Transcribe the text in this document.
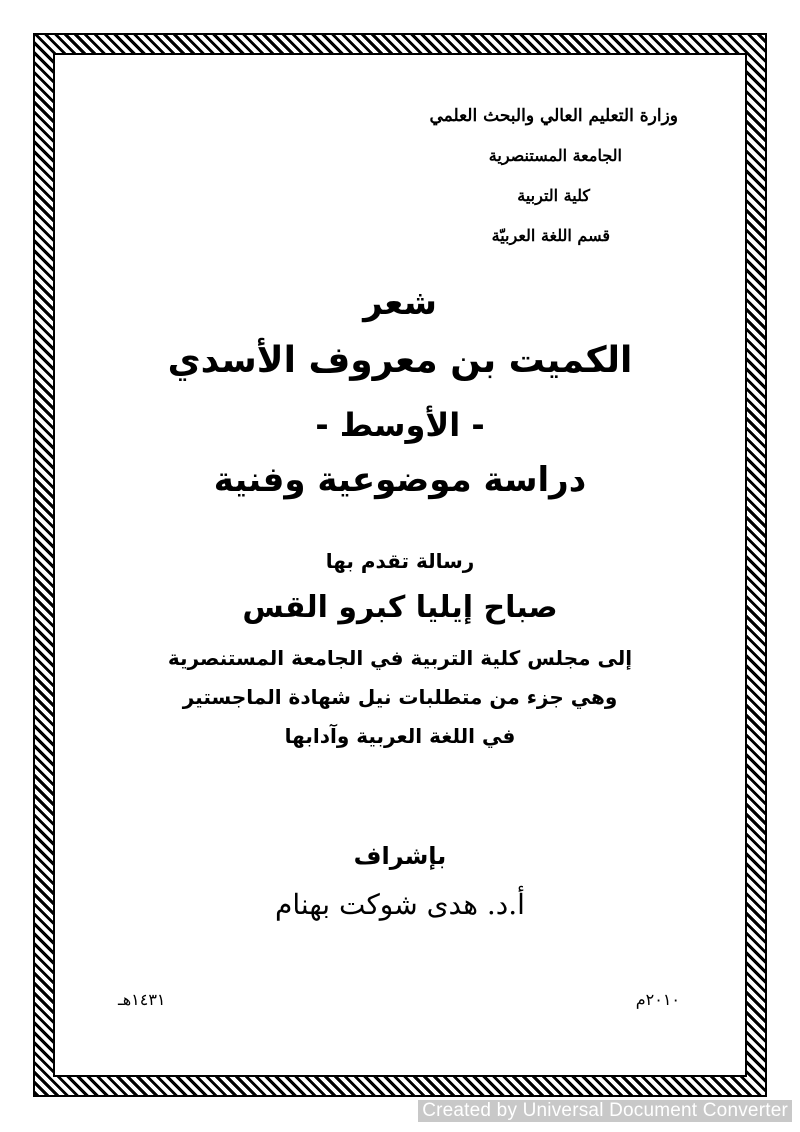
وزارة التعليم العالي والبحث العلمي
الجامعة المستنصرية
كلية التربية
قسم اللغة العربيّة
شعر
الكميت بن معروف الأسدي
- الأوسط -
دراسة موضوعية وفنية
رسالة تقدم بها
صباح إيليا كبرو القس
إلى مجلس كلية التربية في الجامعة المستنصرية
وهي جزء من متطلبات نيل شهادة الماجستير
في اللغة العربية وآدابها
بإشراف
أ.د. هدى شوكت بهنام
٢٠١٠م
١٤٣١هـ
Created by Universal Document Converter
